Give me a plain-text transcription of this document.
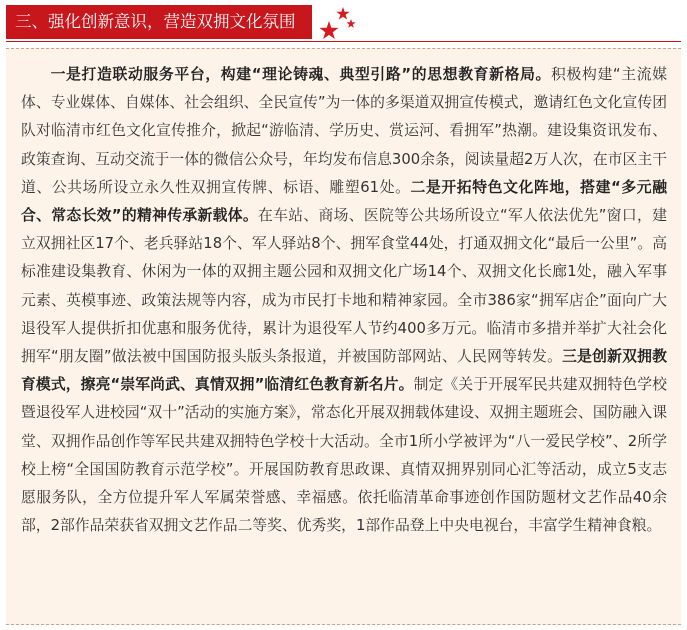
三、强化创新意识，营造双拥文化氛围

一是打造联动服务平台，构建“理论铸魂、典型引路”的思想教育新格局。积极构建“主流媒体、专业媒体、自媒体、社会组织、全民宣传”为一体的多渠道双拥宣传模式，邀请红色文化宣传团队对临清市红色文化宣传推介，掀起“游临清、学历史、赏运河、看拥军”热潮。建设集资讯发布、政策查询、互动交流于一体的微信公众号，年均发布信息300余条，阅读量超2万人次，在市区主干道、公共场所设立永久性双拥宣传牌、标语、雕塑61处。二是开拓特色文化阵地，搭建“多元融合、常态长效”的精神传承新载体。在车站、商场、医院等公共场所设立“军人依法优先”窗口，建立双拥社区17个、老兵驿站18个、军人驿站8个、拥军食堂44处，打通双拥文化“最后一公里”。高标准建设集教育、休闲为一体的双拥主题公园和双拥文化广场14个、双拥文化长廊1处，融入军事元素、英模事迹、政策法规等内容，成为市民打卡地和精神家园。全市386家“拥军店企”面向广大退役军人提供折扣优惠和服务优待，累计为退役军人节约400多万元。临清市多措并举扩大社会化拥军“朋友圈”做法被中国国防报头版头条报道，并被国防部网站、人民网等转发。三是创新双拥教育模式，擦亮“崇军尚武、真情双拥”临清红色教育新名片。制定《关于开展军民共建双拥特色学校暨退役军人进校园“双十”活动的实施方案》，常态化开展双拥载体建设、双拥主题班会、国防融入课堂、双拥作品创作等军民共建双拥特色学校十大活动。全市1所小学被评为“八一爱民学校”、2所学校上榜“全国国防教育示范学校”。开展国防教育思政课、真情双拥界别同心汇等活动，成立5支志愿服务队，全方位提升军人军属荣誉感、幸福感。依托临清革命事迹创作国防题材文艺作品40余部，2部作品荣获省双拥文艺作品二等奖、优秀奖，1部作品登上中央电视台，丰富学生精神食粮。
